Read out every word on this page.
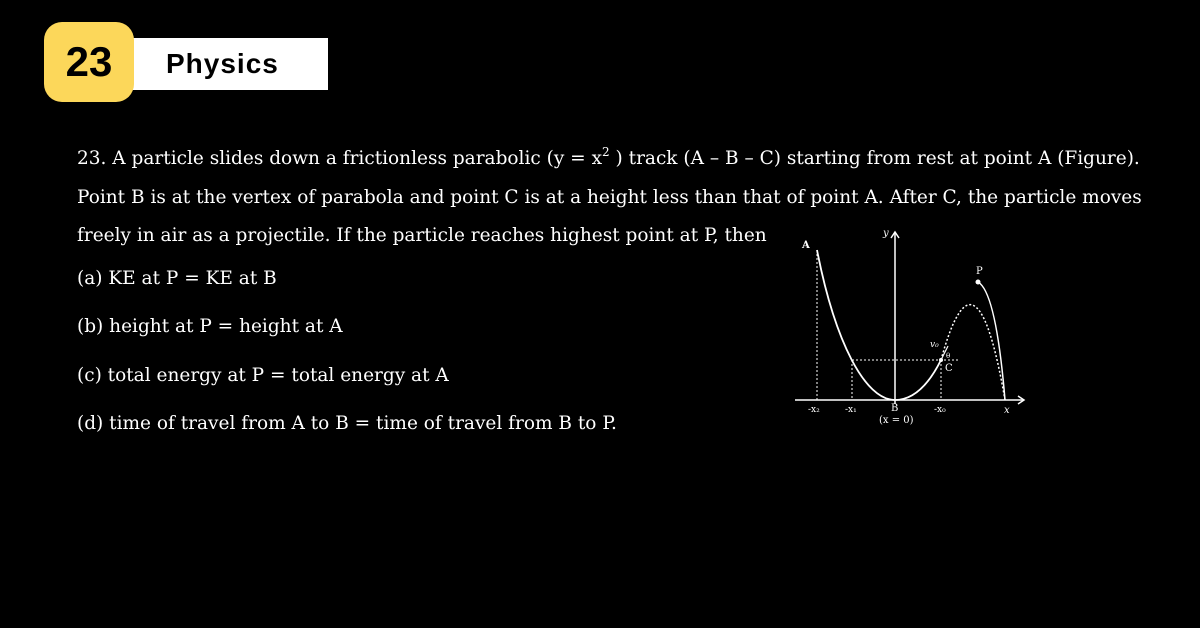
23	Physics

23. A particle slides down a frictionless parabolic ($y = x^2$ ) track (A – B – C) starting from rest at point A (Figure).
Point B is at the vertex of parabola and point C is at a height less than that of point A. After C, the particle moves
freely in air as a projectile. If the particle reaches highest point at P, then

(a) KE at P = KE at B
(b) height at P = height at A
(c) total energy at P = total energy at A
(d) time of travel from A to B = time of travel from B to P.
A
y
P
v₀
θ
C
-x₂	-x₁	B	-x₀	x
(x = 0)
